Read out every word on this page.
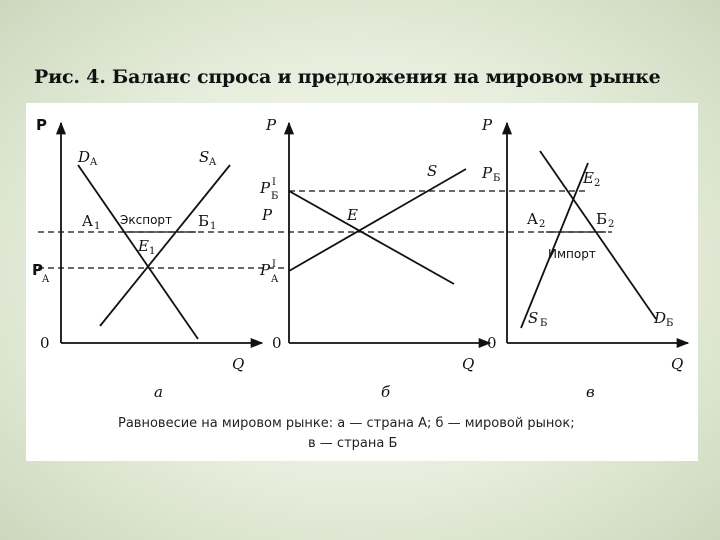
Рис. 4. Баланс спроса и предложения на мировом рынке
P
0
Q
D A	S A
A 1 Экспорт Б 1
E 1
P
A
а
P
0
Q
P I
Б
P
P I
A
S
E
б
P
0
Q
P Б	E 2
A 2	Б 2
Импорт
S Б	D Б
в
Равновесие на мировом рынке: а — страна А; б — мировой рынок;
в — страна Б
